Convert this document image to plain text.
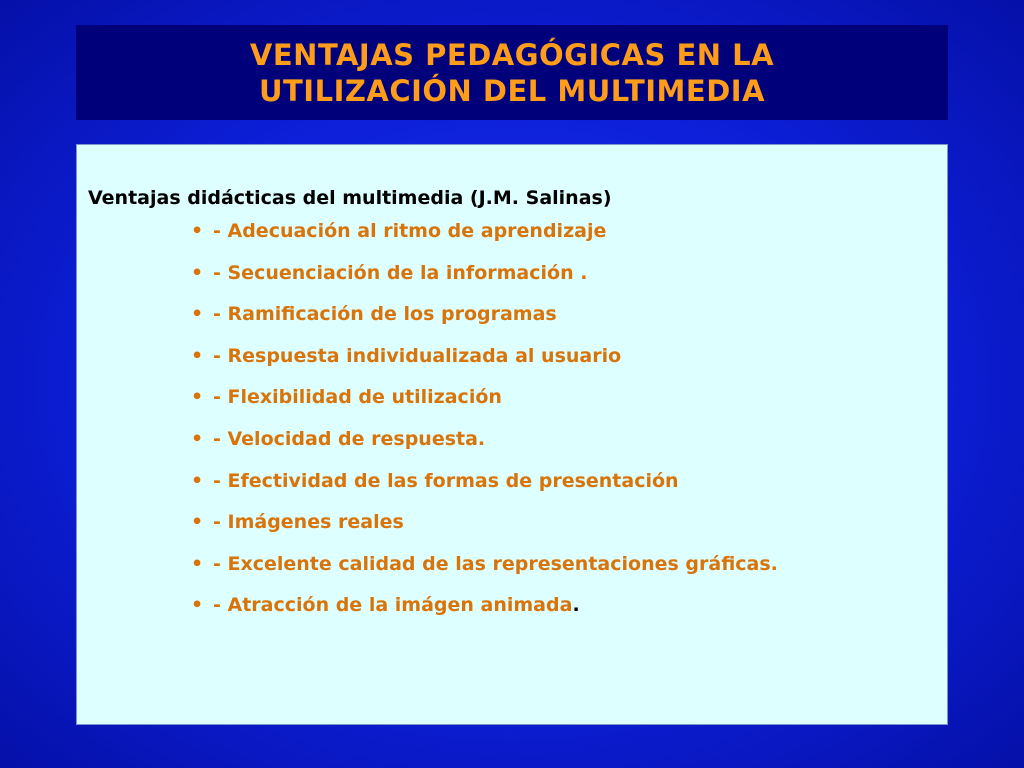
VENTAJAS PEDAGÓGICAS EN LA
UTILIZACIÓN DEL MULTIMEDIA
Ventajas didácticas del multimedia (J.M. Salinas)
• - Adecuación al ritmo de aprendizaje
• - Secuenciación de la información .
• - Ramificación de los programas
• - Respuesta individualizada al usuario
• - Flexibilidad de utilización
• - Velocidad de respuesta.
• - Efectividad de las formas de presentación
• - Imágenes reales
• - Excelente calidad de las representaciones gráficas.
• - Atracción de la imágen animada .
